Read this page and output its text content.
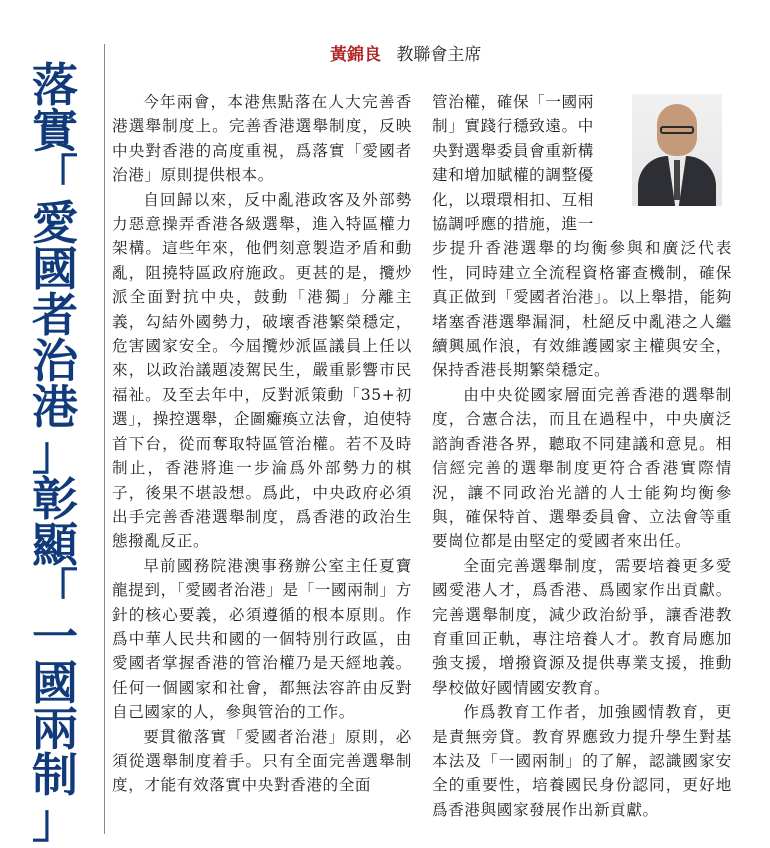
落
實
「
愛
國
者
治
港
」
彰
顯
「
一
國
兩
制
」
黃錦良 教聯會主席

今年兩會，本港焦點落在人大完善香港選舉制度上。完善香港選舉制度，反映中央對香港的高度重視，爲落實「愛國者治港」原則提供根本。

自回歸以來，反中亂港政客及外部勢力惡意操弄香港各級選舉，進入特區權力架構。這些年來，他們刻意製造矛盾和動亂，阻撓特區政府施政。更甚的是，攬炒派全面對抗中央，鼓動「港獨」分離主義，勾結外國勢力，破壞香港繁榮穩定，危害國家安全。今屆攬炒派區議員上任以來，以政治議題凌駕民生，嚴重影響市民福祉。及至去年中，反對派策動「35+初選」，操控選舉，企圖癱瘓立法會，迫使特首下台，從而奪取特區管治權。若不及時制止，香港將進一步淪爲外部勢力的棋子，後果不堪設想。爲此，中央政府必須出手完善香港選舉制度，爲香港的政治生態撥亂反正。

早前國務院港澳事務辦公室主任夏寶龍提到，「愛國者治港」是「一國兩制」方針的核心要義，必須遵循的根本原則。作爲中華人民共和國的一個特別行政區，由愛國者掌握香港的管治權乃是天經地義。任何一個國家和社會，都無法容許由反對自己國家的人，參與管治的工作。

要貫徹落實「愛國者治港」原則，必須從選舉制度着手。只有全面完善選舉制度，才能有效落實中央對香港的全面

管治權，確保「一國兩

制」實踐行穩致遠。中

央對選舉委員會重新構

建和增加賦權的調整優

化，以環環相扣、互相

協調呼應的措施，進一

步提升香港選舉的均衡參與和廣泛代表性，同時建立全流程資格審查機制，確保真正做到「愛國者治港」。以上舉措，能夠堵塞香港選舉漏洞，杜絕反中亂港之人繼續興風作浪，有效維護國家主權與安全，保持香港長期繁榮穩定。

由中央從國家層面完善香港的選舉制度，合憲合法，而且在過程中，中央廣泛諮詢香港各界，聽取不同建議和意見。相信經完善的選舉制度更符合香港實際情況，讓不同政治光譜的人士能夠均衡參與，確保特首、選舉委員會、立法會等重要崗位都是由堅定的愛國者來出任。

全面完善選舉制度，需要培養更多愛國愛港人才，爲香港、爲國家作出貢獻。完善選舉制度，減少政治紛爭，讓香港教育重回正軌，專注培養人才。教育局應加強支援，增撥資源及提供專業支援，推動學校做好國情國安教育。

作爲教育工作者，加強國情教育，更是責無旁貸。教育界應致力提升學生對基本法及「一國兩制」的了解，認識國家安全的重要性，培養國民身份認同，更好地爲香港與國家發展作出新貢獻。
